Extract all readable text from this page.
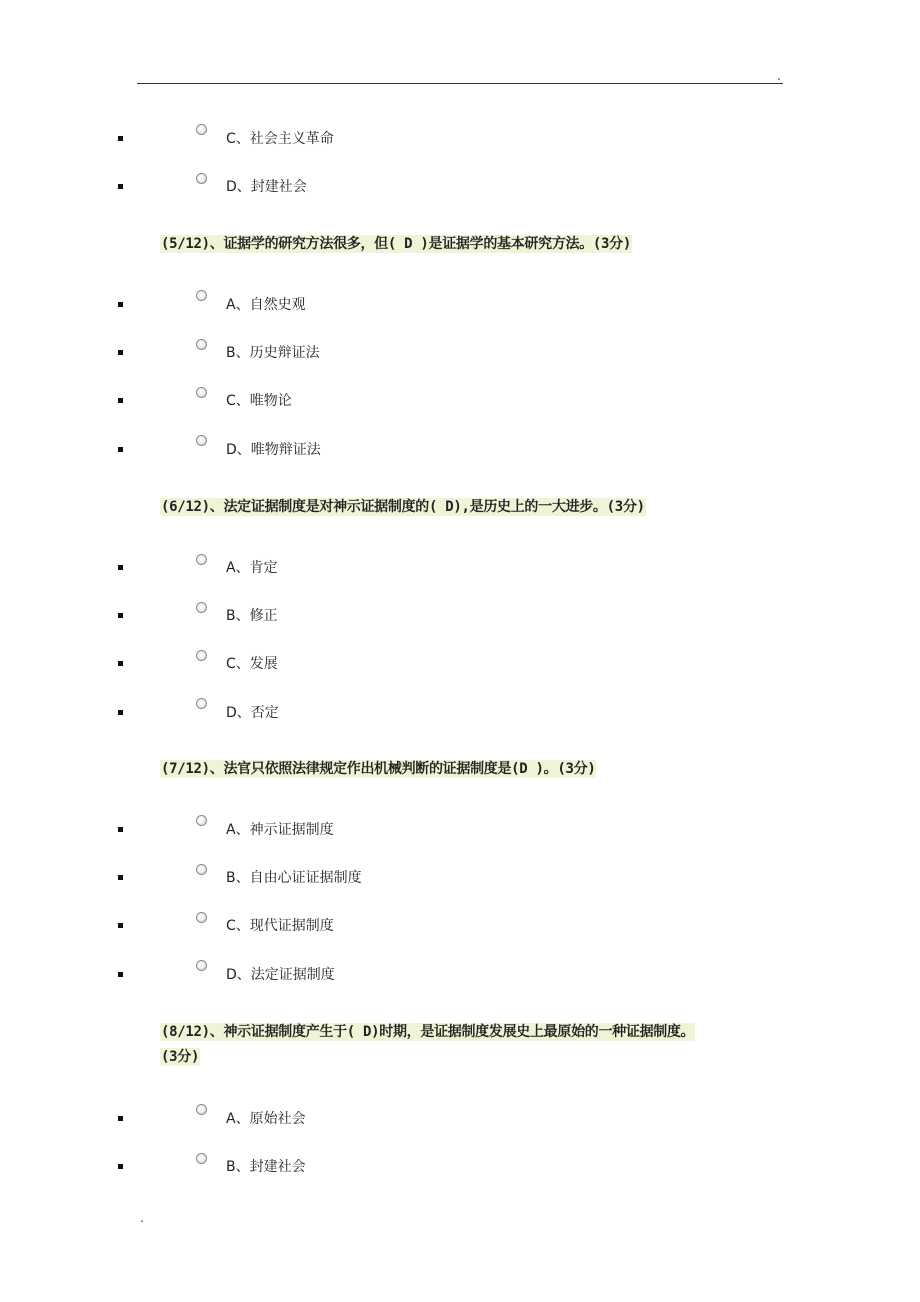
.
C、社会主义革命
D、封建社会
(5/12)、证据学的研究方法很多，但( D )是证据学的基本研究方法。(3分)
A、自然史观
B、历史辩证法
C、唯物论
D、唯物辩证法
(6/12)、法定证据制度是对神示证据制度的( D),是历史上的一大进步。(3分)
A、肯定
B、修正
C、发展
D、否定
(7/12)、法官只依照法律规定作出机械判断的证据制度是(D )。(3分)
A、神示证据制度
B、自由心证证据制度
C、现代证据制度
D、法定证据制度
(8/12)、神示证据制度产生于( D)时期，是证据制度发展史上最原始的一种证据制度。
(3分)
A、原始社会
B、封建社会
.
